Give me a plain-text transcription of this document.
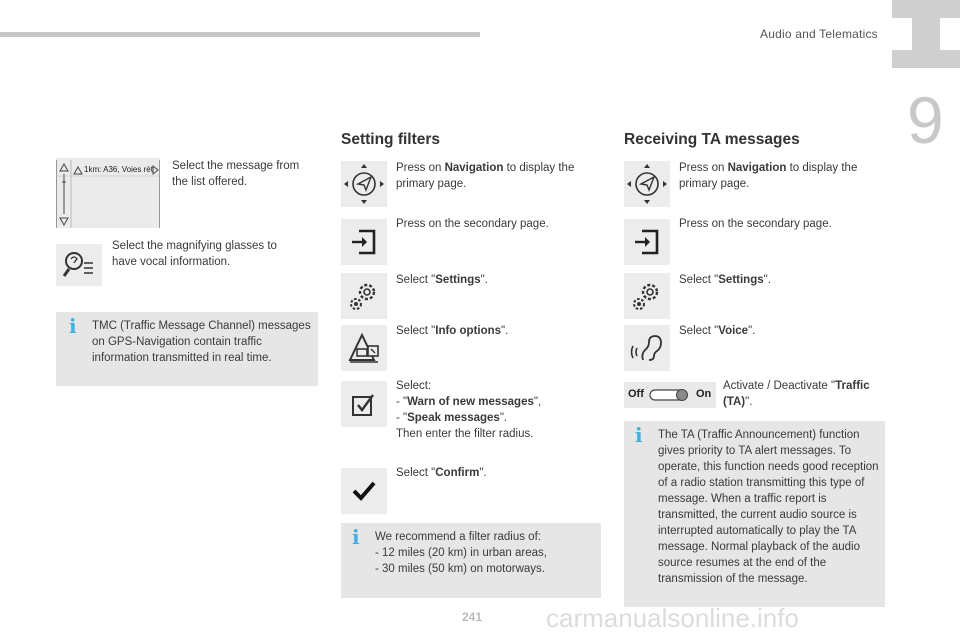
Audio and Telematics
9
1km: A36, Voies rét Select the message from the list offered.
Select the magnifying glasses to have vocal information.
i TMC (Traffic Message Channel) messages on GPS-Navigation contain traffic information transmitted in real time.
Setting filters
Press on Navigation to display the primary page.
Press on the secondary page.
Select "Settings".
Select "Info options".
Select:
- "Warn of new messages",
- "Speak messages".
Then enter the filter radius.
Select "Confirm".
i We recommend a filter radius of:
- 12 miles (20 km) in urban areas,
- 30 miles (50 km) on motorways.
Receiving TA messages
Press on Navigation to display the primary page.
Press on the secondary page.
Select "Settings".
Select "Voice".
Off	On
Activate / Deactivate "Traffic (TA)".
i The TA (Traffic Announcement) function gives priority to TA alert messages. To operate, this function needs good reception of a radio station transmitting this type of message. When a traffic report is transmitted, the current audio source is interrupted automatically to play the TA message. Normal playback of the audio source resumes at the end of the transmission of the message.
241 carmanualsonline.info
